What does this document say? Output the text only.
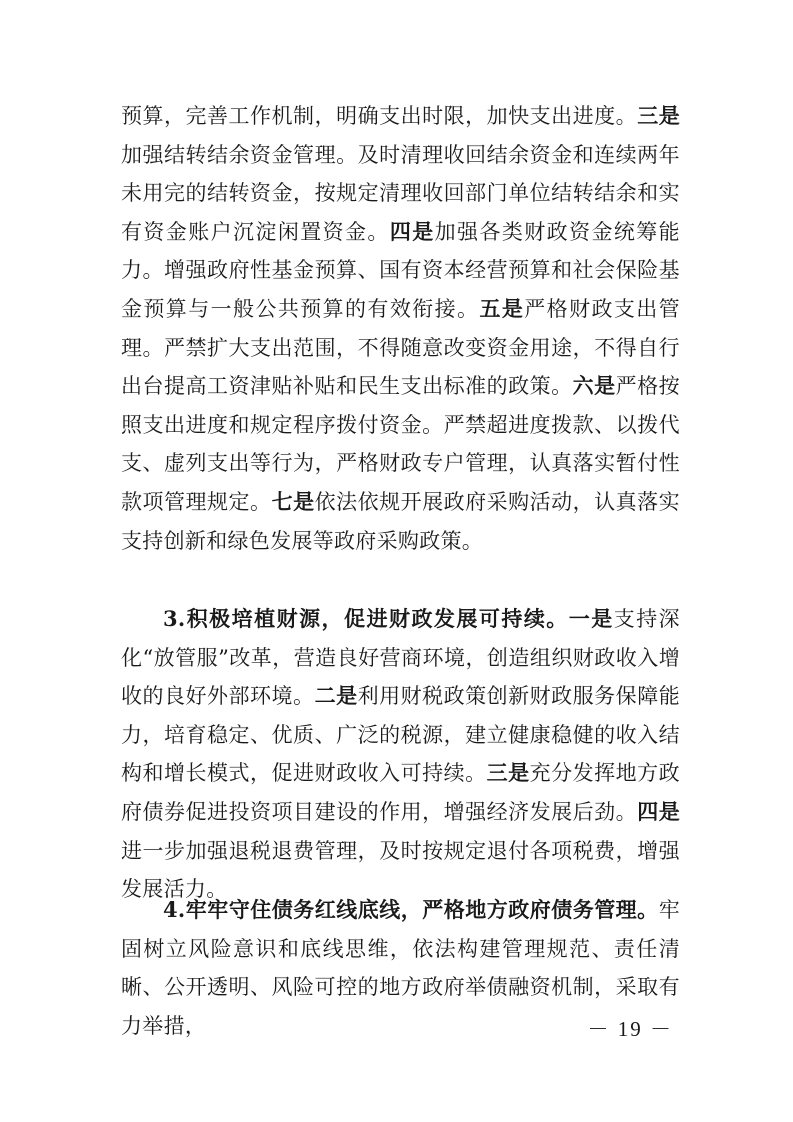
预算，完善工作机制，明确支出时限，加快支出进度。三是加强结转结余资金管理。及时清理收回结余资金和连续两年未用完的结转资金，按规定清理收回部门单位结转结余和实有资金账户沉淀闲置资金。四是加强各类财政资金统筹能力。增强政府性基金预算、国有资本经营预算和社会保险基金预算与一般公共预算的有效衔接。五是严格财政支出管理。严禁扩大支出范围，不得随意改变资金用途，不得自行出台提高工资津贴补贴和民生支出标准的政策。六是严格按照支出进度和规定程序拨付资金。严禁超进度拨款、以拨代支、虚列支出等行为，严格财政专户管理，认真落实暂付性款项管理规定。七是依法依规开展政府采购活动，认真落实支持创新和绿色发展等政府采购政策。

3.积极培植财源，促进财政发展可持续。一是支持深化“放管服”改革，营造良好营商环境，创造组织财政收入增收的良好外部环境。二是利用财税政策创新财政服务保障能力，培育稳定、优质、广泛的税源，建立健康稳健的收入结构和增长模式，促进财政收入可持续。三是充分发挥地方政府债券促进投资项目建设的作用，增强经济发展后劲。四是进一步加强退税退费管理，及时按规定退付各项税费，增强发展活力。

4.牢牢守住债务红线底线，严格地方政府债务管理。牢固树立风险意识和底线思维，依法构建管理规范、责任清晰、公开透明、风险可控的地方政府举债融资机制，采取有力举措，	－ 19 －
